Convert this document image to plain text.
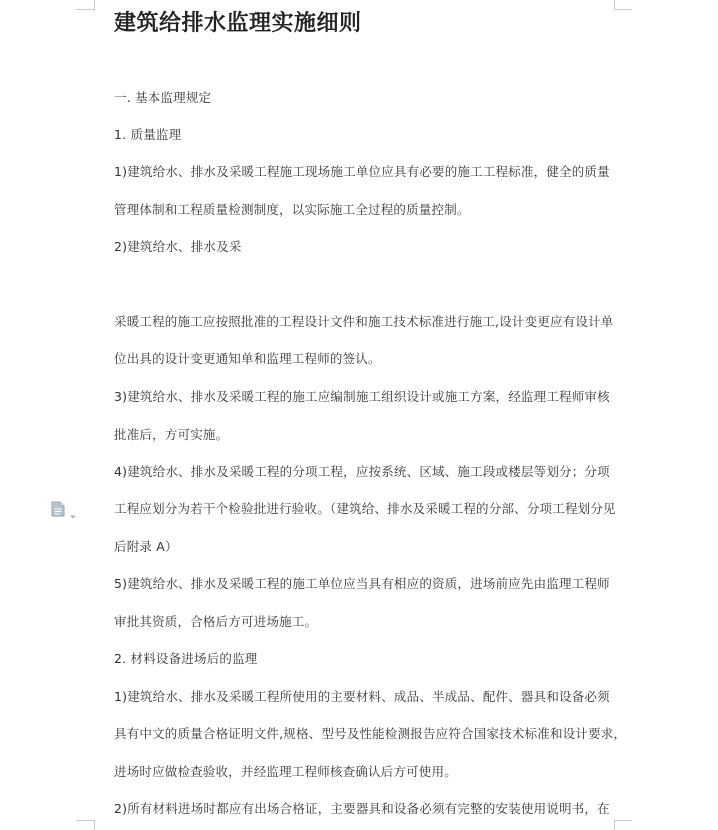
建筑给排水监理实施细则
一. 基本监理规定
1. 质量监理
1)建筑给水、排水及采暖工程施工现场施工单位应具有必要的施工工程标准，健全的质量
管理体制和工程质量检测制度，以实际施工全过程的质量控制。
2)建筑给水、排水及采
采暖工程的施工应按照批准的工程设计文件和施工技术标准进行施工,设计变更应有设计单
位出具的设计变更通知单和监理工程师的签认。
3)建筑给水、排水及采暖工程的施工应编制施工组织设计或施工方案，经监理工程师审核
批准后，方可实施。
4)建筑给水、排水及采暖工程的分项工程，应按系统、区域、施工段或楼层等划分；分项
工程应划分为若干个检验批进行验收。（建筑给、排水及采暖工程的分部、分项工程划分见
后附录 A）
5)建筑给水、排水及采暖工程的施工单位应当具有相应的资质，进场前应先由监理工程师
审批其资质，合格后方可进场施工。
2. 材料设备进场后的监理
1)建筑给水、排水及采暖工程所使用的主要材料、成品、半成品、配件、器具和设备必须
具有中文的质量合格证明文件,规格、型号及性能检测报告应符合国家技术标准和设计要求，
进场时应做检查验收，并经监理工程师核查确认后方可使用。
2)所有材料进场时都应有出场合格证，主要器具和设备必须有完整的安装使用说明书，在
